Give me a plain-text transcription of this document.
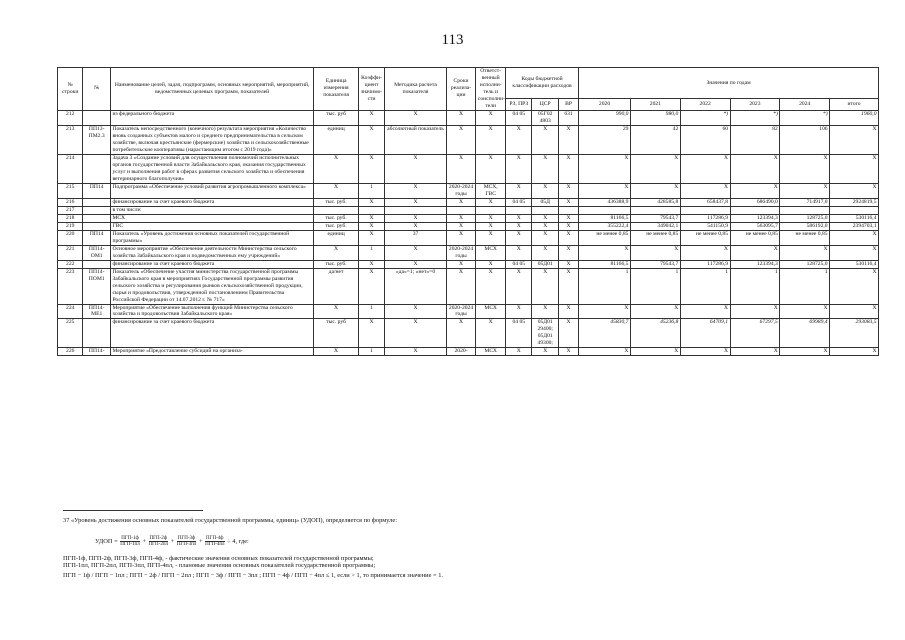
113
№ строки	№	Наименование целей, задач, подпрограмм, основных мероприятий, мероприятий, ведомственных целевых программ, показателей	Единица измерения показателя	Коэффи-циент значимо-сти	Методика расчета показателя	Сроки реализа-ции	Ответст-венный исполни-тель и соисполни-тели	Коды бюджетной классификации расходов			Значения по годам					
								РЗ, ПРЗ	ЦСР	ВР	2020	2021	2022	2023	2024	итого
212		из федерального бюджета	тыс. руб	X	X	X	X	04 05	05Г02 4803	631	990,0	980,0	*)	*)	*)	1960,0
213	ПП13-ПМ2.3	Показатель непосредственного (конечного) результата мероприятия «Количество вновь созданных субъектов малого и среднего предпринимательства в сельском хозяйстве, включая крестьянские (фермерские) хозяйства и сельскохозяйственные потребительские кооперативы (нарастающим итогом с 2019 года)»	единиц	X	абсолютный показатель	X	X	X	X	X	29	42	60	82	106	X
214		Задача 3 «Создание условий для осуществления полномочий исполнительных органов государственной власти Забайкальского края, оказания государственных услуг и выполнения работ в сферах развития сельского хозяйства и обеспечения ветеринарного благополучия»	X	X	X	X	X	X	X	X	X	X	X	X	X	X
215	ПП14	Подпрограмма «Обеспечение условий развития агропромышленного комплекса»	X	1	X	2020-2024 годы	МСХ, ГВС	X	X	X	X	X	X	X	X	X
216		финансирование за счет краевого бюджета	тыс. руб.	X	X	X	X	04 05	05Д	X	436388,9	428585,8	658437,8	686490,0	714917,0	2924819,5
217		в том числе:														
218		МСХ	тыс. руб.	X	X	X	X	X	X	X	81166,5	79543,7	117286,9	123394,3	128725,0	530116,4
219		ГВС	тыс. руб.	X	X	X	X	X	X	X	355222,4	349042,1	541150,9	563095,7	586192,0	2394703,1
220	ПП14	Показатель «Уровень достижения основных показателей государственной программы»	единиц	X	37	X	X	X	X	X	не менее 0,85	не менее 0,85	не менее 0,85	не менее 0,85	не менее 0,85	X
221	ПП14-ОМ1	Основное мероприятие «Обеспечение деятельности Министерства сельского хозяйства Забайкальского края и подведомственных ему учреждений»	X	1	X	2020-2024 годы	МСХ	X	X	X	X	X	X	X	X	X
222		финансирование за счет краевого бюджета	тыс. руб.	X	X	X	X	04 05	05Д01	X	81166,5	79543,7	117286,9	123394,3	128725,0	530116,4
223	ПП14-ПОМ1	Показатель «Обеспечение участия министерства государственной программы Забайкальского края в мероприятиях Государственной программы развития сельского хозяйства и регулирования рынков сельскохозяйственной продукции, сырья и продовольствия, утвержденной постановлением Правительства Российской Федерации от 14.07.2012 г. № 717»	да/нет	X	«да»=1; «нет»=0	X	X	X	X	X	1	1	1	1	1	X
224	ПП14-МЕ1	Мероприятие «Обеспечение выполнения функций Министерства сельского хозяйства и продовольствия Забайкальского края»	X	1	X	2020-2024 годы	МСХ	X	X	X	X	X	X	X	X	X
225		финансирование за счет краевого бюджета	тыс. руб	X	X	X	X	04 05	05Д01 29400; 05Д01 49300;	X	45830,7	45236,8	64709,1	67297,5	69989,4	293083,5
226	ПП14-	Мероприятие «Предоставление субсидий на организа-	X	1	X	2020-	МСХ	X	X	X	X	X	X	X	X	X
37 «Уровень достижения основных показателей государственной программы, единиц» (УДОП), определяется по формуле:
УДОП = $\frac{\text{ПГП-1ф}}{\text{ПГП-1пл}} + \frac{\text{ПГП-2ф}}{\text{ПГП-2пл}} + \frac{\text{ПГП-3ф}}{\text{ПГП-3пл}} + \frac{\text{ПГП-4ф}}{\text{ПГП-4пл}} \div 4$, где:
ПГП-1ф, ПГП-2ф, ПГП-3ф, ПГП-4ф, - фактические значения основных показателей государственной программы;
ПГП-1пл, ПГП-2пл, ПГП-3пл, ПГП-4пл, - плановые значения основных показателей государственной программы;
ПГП − 1ф / ПГП − 1пл ; ПГП − 2ф / ПГП − 2пл ; ПГП − 3ф / ПГП − 3пл ; ПГП − 4ф / ПГП − 4пл ≤ 1, если > 1, то принимается значение = 1.
